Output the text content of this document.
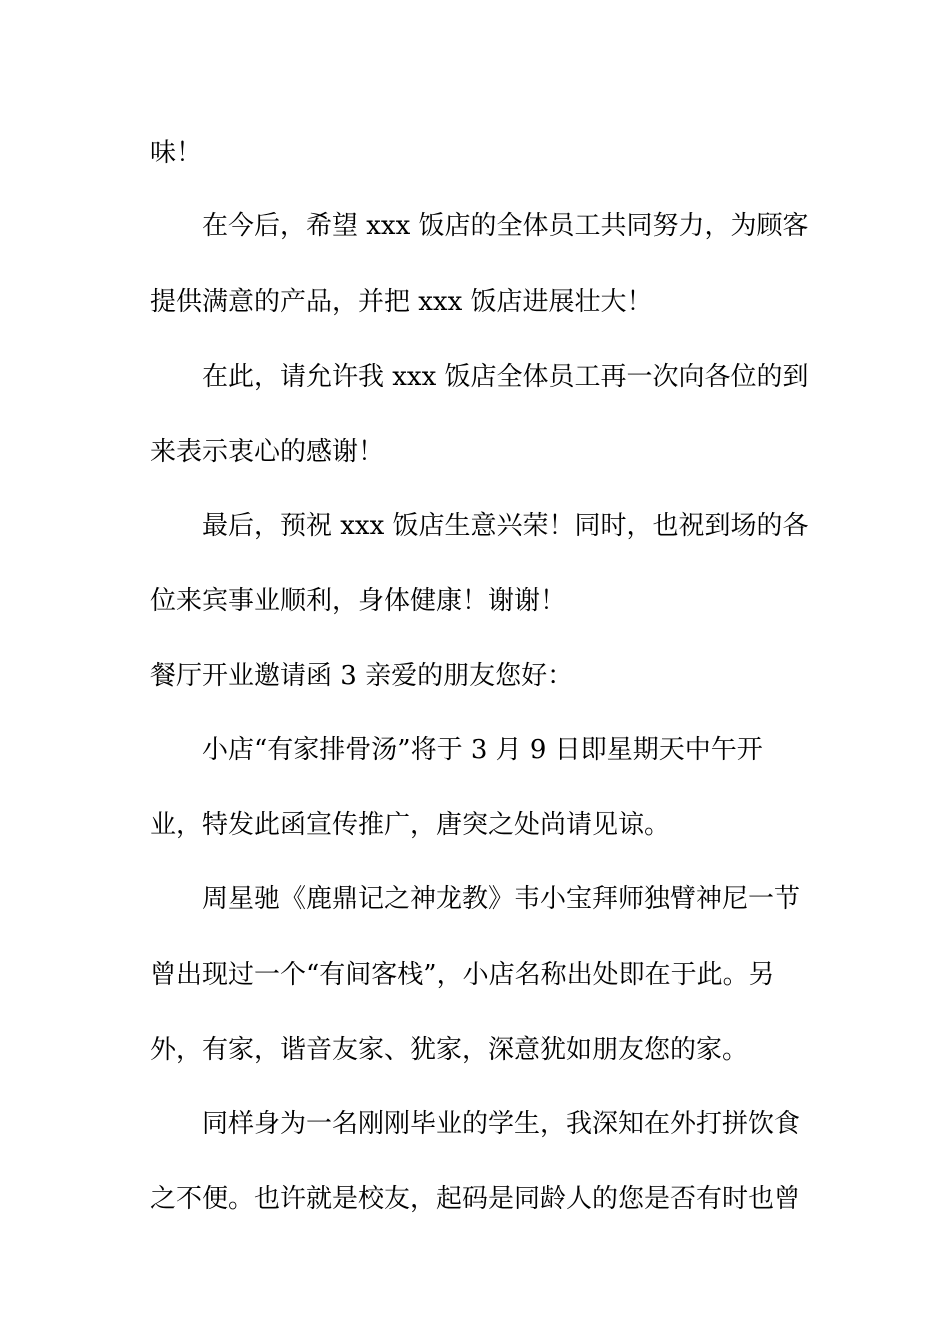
味！
在今后，希望 xxx 饭店的全体员工共同努力，为顾客
提供满意的产品，并把 xxx 饭店进展壮大！
在此，请允许我 xxx 饭店全体员工再一次向各位的到
来表示衷心的感谢！
最后，预祝 xxx 饭店生意兴荣！同时，也祝到场的各
位来宾事业顺利，身体健康！谢谢！
餐厅开业邀请函 3 亲爱的朋友您好：
小店“有家排骨汤”将于 3 月 9 日即星期天中午开
业，特发此函宣传推广，唐突之处尚请见谅。
周星驰《鹿鼎记之神龙教》韦小宝拜师独臂神尼一节
曾出现过一个“有间客栈”，小店名称出处即在于此。另
外，有家，谐音友家、犹家，深意犹如朋友您的家。
同样身为一名刚刚毕业的学生，我深知在外打拼饮食
之不便。也许就是校友，起码是同龄人的您是否有时也曾
